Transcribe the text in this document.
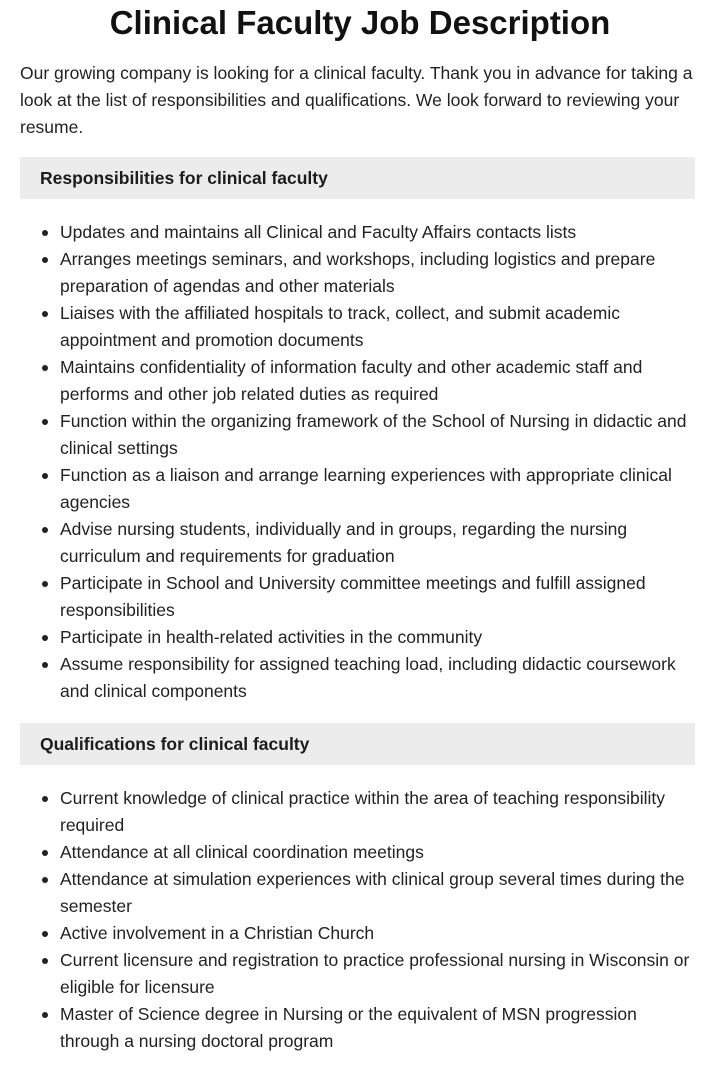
Clinical Faculty Job Description

Our growing company is looking for a clinical faculty. Thank you in advance for taking a look at the list of responsibilities and qualifications. We look forward to reviewing your resume.

Responsibilities for clinical faculty
Updates and maintains all Clinical and Faculty Affairs contacts lists
Arranges meetings seminars, and workshops, including logistics and prepare preparation of agendas and other materials
Liaises with the affiliated hospitals to track, collect, and submit academic appointment and promotion documents
Maintains confidentiality of information faculty and other academic staff and performs and other job related duties as required
Function within the organizing framework of the School of Nursing in didactic and clinical settings
Function as a liaison and arrange learning experiences with appropriate clinical agencies
Advise nursing students, individually and in groups, regarding the nursing curriculum and requirements for graduation
Participate in School and University committee meetings and fulfill assigned responsibilities
Participate in health-related activities in the community
Assume responsibility for assigned teaching load, including didactic coursework and clinical components
Qualifications for clinical faculty
Current knowledge of clinical practice within the area of teaching responsibility required
Attendance at all clinical coordination meetings
Attendance at simulation experiences with clinical group several times during the semester
Active involvement in a Christian Church
Current licensure and registration to practice professional nursing in Wisconsin or eligible for licensure
Master of Science degree in Nursing or the equivalent of MSN progression through a nursing doctoral program
